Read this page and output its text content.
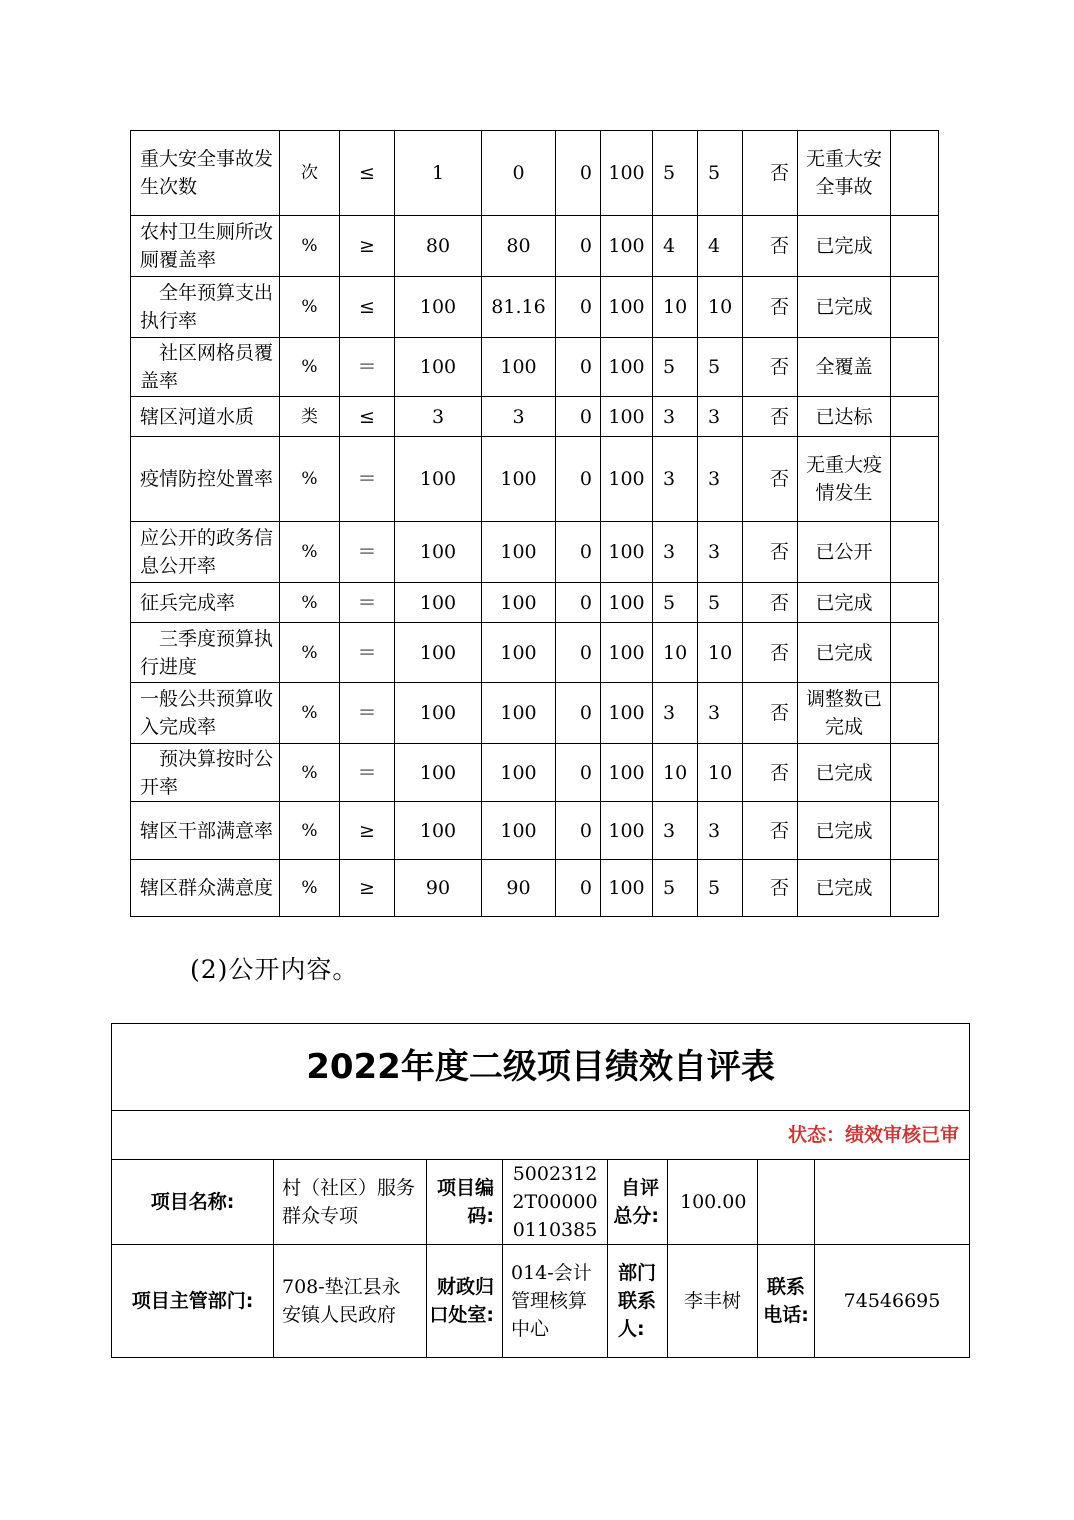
重大安全事故发生次数	次	≤	1	0	0	100	5	5	否	无重大安全事故	
农村卫生厕所改厕覆盖率	%	≥	80	80	0	100	4	4	否	已完成	
　全年预算支出执行率	%	≤	100	81.16	0	100	10	10	否	已完成	
　社区网格员覆盖率	%	＝	100	100	0	100	5	5	否	全覆盖	
辖区河道水质	类	≤	3	3	0	100	3	3	否	已达标	
疫情防控处置率	%	＝	100	100	0	100	3	3	否	无重大疫情发生	
应公开的政务信息公开率	%	＝	100	100	0	100	3	3	否	已公开	
征兵完成率	%	＝	100	100	0	100	5	5	否	已完成	
　三季度预算执行进度	%	＝	100	100	0	100	10	10	否	已完成	
一般公共预算收入完成率	%	＝	100	100	0	100	3	3	否	调整数已完成	
　预决算按时公开率	%	＝	100	100	0	100	10	10	否	已完成	
辖区干部满意率	%	≥	100	100	0	100	3	3	否	已完成	
辖区群众满意度	%	≥	90	90	0	100	5	5	否	已完成	
(2)公开内容。
2022年度二级项目绩效自评表							
状态：绩效审核已审							
项目名称:	村（社区）服务群众专项	项目编码:	50023122T000000110385	自评总分:	100.00		
项目主管部门:	708-垫江县永安镇人民政府	财政归口处室:	014-会计管理核算中心	部门联系人:	李丰树	联系电话:	74546695
